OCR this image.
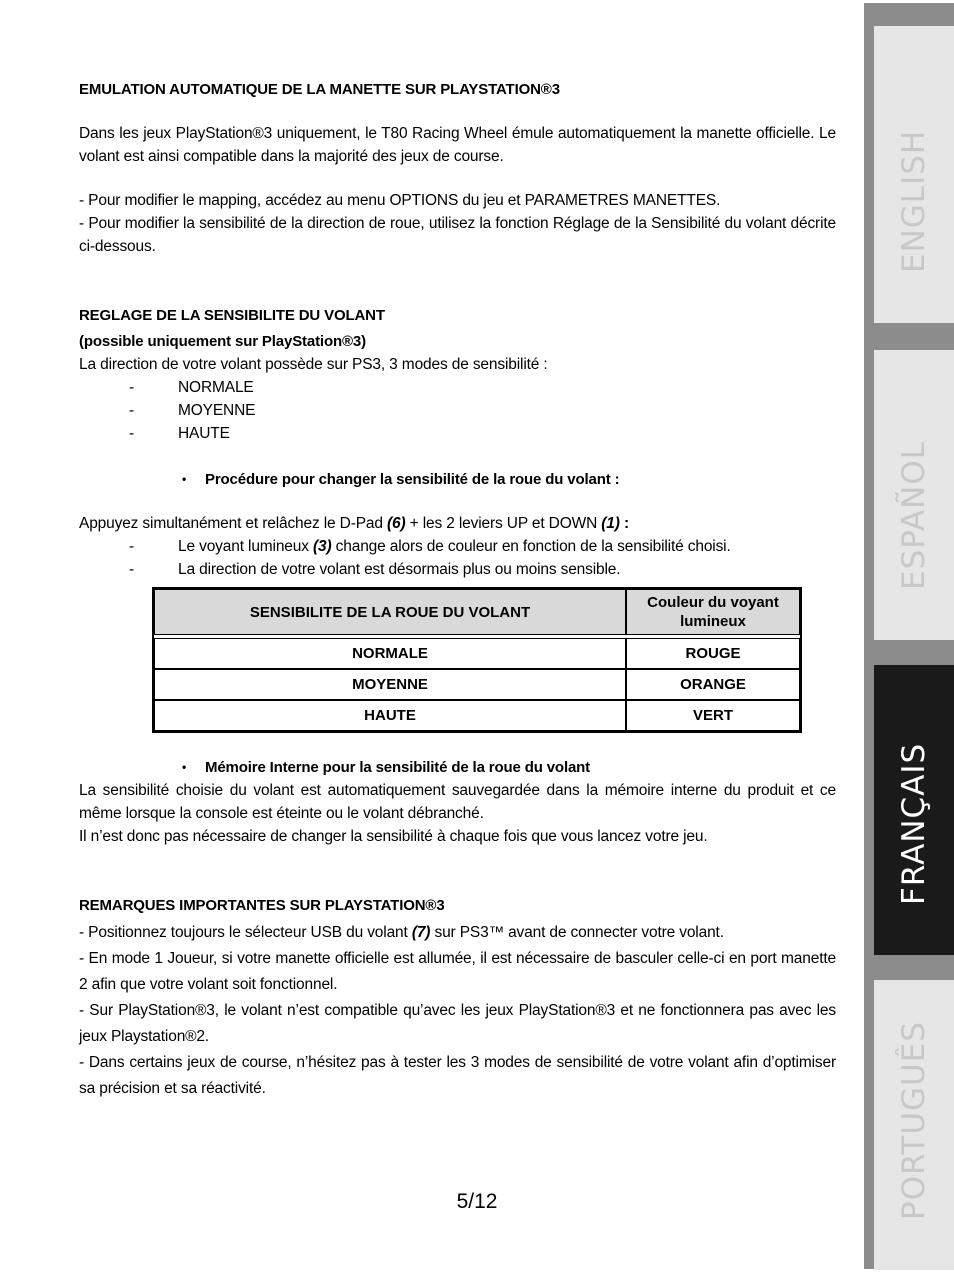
ENGLISH
ESPAÑOL
FRANÇAIS
PORTUGUÊS

EMULATION AUTOMATIQUE DE LA MANETTE SUR PLAYSTATION®3

Dans les jeux PlayStation®3 uniquement, le T80 Racing Wheel émule automatiquement la manette officielle. Le volant est ainsi compatible dans la majorité des jeux de course.

- Pour modifier le mapping, accédez au menu OPTIONS du jeu et PARAMETRES MANETTES.

- Pour modifier la sensibilité de la direction de roue, utilisez la fonction Réglage de la Sensibilité du volant décrite ci-dessous.

REGLAGE DE LA SENSIBILITE DU VOLANT

(possible uniquement sur PlayStation®3)

La direction de votre volant possède sur PS3, 3 modes de sensibilité :

-	NORMALE

-	MOYENNE

-	HAUTE

• Procédure pour changer la sensibilité de la roue du volant :

Appuyez simultanément et relâchez le D-Pad (6) + les 2 leviers UP et DOWN (1) :

-	Le voyant lumineux (3) change alors de couleur en fonction de la sensibilité choisi.

-	La direction de votre volant est désormais plus ou moins sensible.

SENSIBILITE DE LA ROUE DU VOLANT	Couleur du voyant lumineux

NORMALE	ROUGE
MOYENNE	ORANGE
HAUTE	VERT

• Mémoire Interne pour la sensibilité de la roue du volant

La sensibilité choisie du volant est automatiquement sauvegardée dans la mémoire interne du produit et ce même lorsque la console est éteinte ou le volant débranché.

Il n’est donc pas nécessaire de changer la sensibilité à chaque fois que vous lancez votre jeu.

REMARQUES IMPORTANTES SUR PLAYSTATION®3

- Positionnez toujours le sélecteur USB du volant (7) sur PS3™ avant de connecter votre volant.

- En mode 1 Joueur, si votre manette officielle est allumée, il est nécessaire de basculer celle-ci en port manette 2 afin que votre volant soit fonctionnel.

- Sur PlayStation®3, le volant n’est compatible qu’avec les jeux PlayStation®3 et ne fonctionnera pas avec les jeux Playstation®2.

- Dans certains jeux de course, n’hésitez pas à tester les 3 modes de sensibilité de votre volant afin d’optimiser sa précision et sa réactivité.

5/12
